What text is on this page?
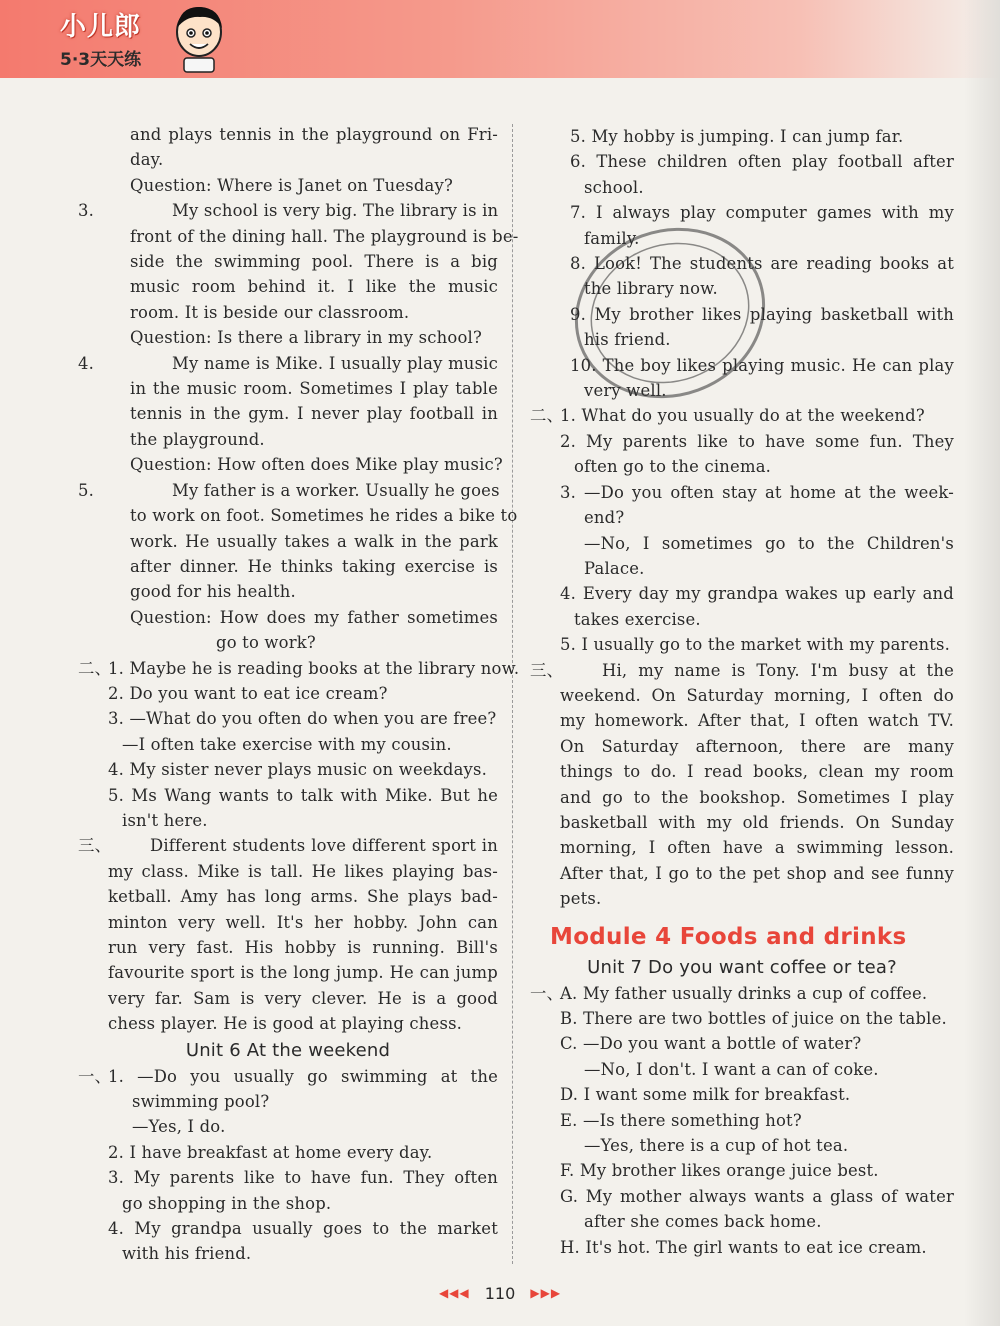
小儿郎
5·3天天练
and plays tennis in the playground on Fri-
day.
Question: Where is Janet on Tuesday?
3.	My school is very big. The library is in
front of the dining hall. The playground is be-
side the swimming pool. There is a big
music room behind it. I like the music
room. It is beside our classroom.
Question: Is there a library in my school?
4.	My name is Mike. I usually play music
in the music room. Sometimes I play table
tennis in the gym. I never play football in
the playground.
Question: How often does Mike play music?
5.	My father is a worker. Usually he goes
to work on foot. Sometimes he rides a bike to
work. He usually takes a walk in the park
after dinner. He thinks taking exercise is
good for his health.
Question: How does my father sometimes
go to work?
二、
1. Maybe he is reading books at the library now.
2. Do you want to eat ice cream?
3. —What do you often do when you are free?
—I often take exercise with my cousin.
4. My sister never plays music on weekdays.
5. Ms Wang wants to talk with Mike. But he
isn't here.
三、 Different students love different sport in
my class. Mike is tall. He likes playing bas-
ketball. Amy has long arms. She plays bad-
minton very well. It's her hobby. John can
run very fast. His hobby is running. Bill's
favourite sport is the long jump. He can jump
very far. Sam is very clever. He is a good
chess player. He is good at playing chess.
Unit 6 At the weekend
一、
1. —Do you usually go swimming at the
swimming pool?
—Yes, I do.
2. I have breakfast at home every day.
3. My parents like to have fun. They often
go shopping in the shop.
4. My grandpa usually goes to the market
with his friend.
5. My hobby is jumping. I can jump far.
6. These children often play football after
school.
7. I always play computer games with my
family.
8. Look! The students are reading books at
the library now.
9. My brother likes playing basketball with
his friend.
10. The boy likes playing music. He can play
very well.
二、
1. What do you usually do at the weekend?
2. My parents like to have some fun. They
often go to the cinema.
3. —Do you often stay at home at the week-
end?
—No, I sometimes go to the Children's
Palace.
4. Every day my grandpa wakes up early and
takes exercise.
5. I usually go to the market with my parents.
三、 Hi, my name is Tony. I'm busy at the
weekend. On Saturday morning, I often do
my homework. After that, I often watch TV.
On Saturday afternoon, there are many
things to do. I read books, clean my room
and go to the bookshop. Sometimes I play
basketball with my old friends. On Sunday
morning, I often have a swimming lesson.
After that, I go to the pet shop and see funny
pets.
Module 4 Foods and drinks
Unit 7 Do you want coffee or tea?
一、
A. My father usually drinks a cup of coffee.
B. There are two bottles of juice on the table.
C. —Do you want a bottle of water?
—No, I don't. I want a can of coke.
D. I want some milk for breakfast.
E. —Is there something hot?
—Yes, there is a cup of hot tea.
F. My brother likes orange juice best.
G. My mother always wants a glass of water
after she comes back home.
H. It's hot. The girl wants to eat ice cream.
◀◀◀ 110 ▶▶▶
